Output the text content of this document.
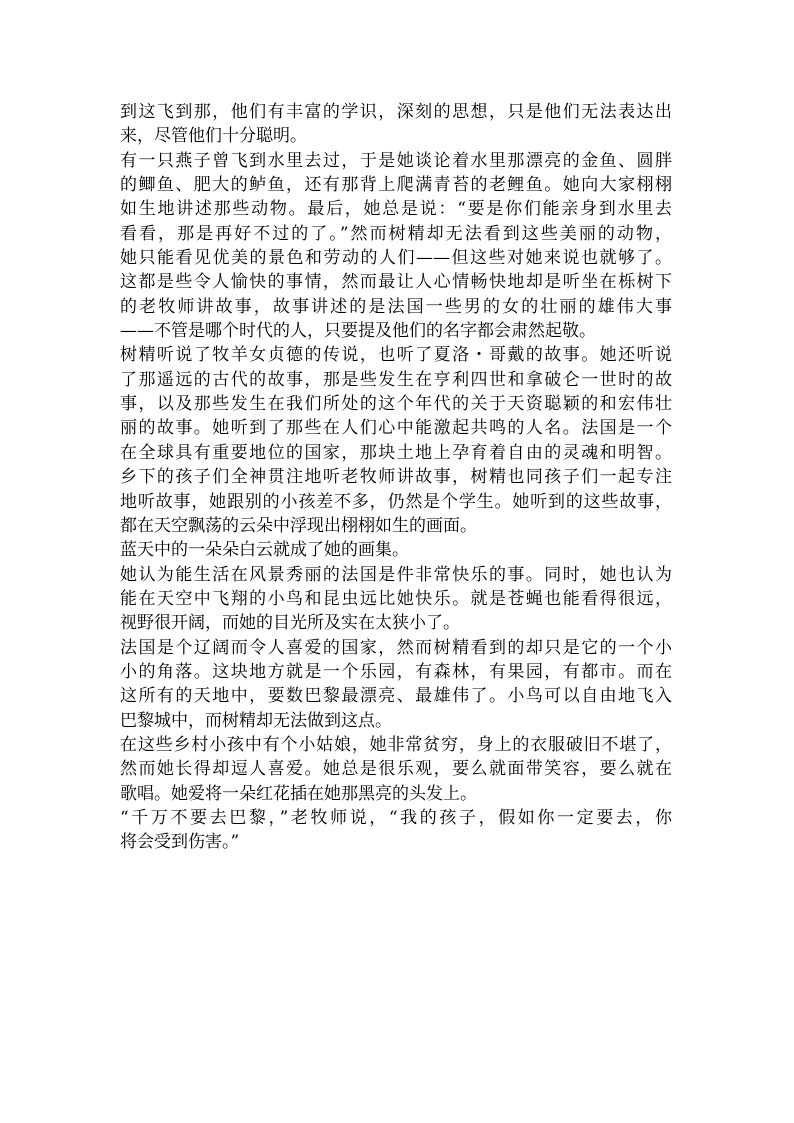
到这飞到那，他们有丰富的学识，深刻的思想，只是他们无法表达出
来，尽管他们十分聪明。
有一只燕子曾飞到水里去过，于是她谈论着水里那漂亮的金鱼、圆胖
的鲫鱼、肥大的鲈鱼，还有那背上爬满青苔的老鲤鱼。她向大家栩栩
如生地讲述那些动物。最后，她总是说：“要是你们能亲身到水里去
看看，那是再好不过的了。”然而树精却无法看到这些美丽的动物，
她只能看见优美的景色和劳动的人们——但这些对她来说也就够了。
这都是些令人愉快的事情，然而最让人心情畅快地却是听坐在栎树下
的老牧师讲故事，故事讲述的是法国一些男的女的壮丽的雄伟大事
——不管是哪个时代的人，只要提及他们的名字都会肃然起敬。
树精听说了牧羊女贞德的传说，也听了夏洛・哥戴的故事。她还听说
了那遥远的古代的故事，那是些发生在亨利四世和拿破仑一世时的故
事，以及那些发生在我们所处的这个年代的关于天资聪颖的和宏伟壮
丽的故事。她听到了那些在人们心中能激起共鸣的人名。法国是一个
在全球具有重要地位的国家，那块土地上孕育着自由的灵魂和明智。
乡下的孩子们全神贯注地听老牧师讲故事，树精也同孩子们一起专注
地听故事，她跟别的小孩差不多，仍然是个学生。她听到的这些故事，
都在天空飘荡的云朵中浮现出栩栩如生的画面。
蓝天中的一朵朵白云就成了她的画集。
她认为能生活在风景秀丽的法国是件非常快乐的事。同时，她也认为
能在天空中飞翔的小鸟和昆虫远比她快乐。就是苍蝇也能看得很远，
视野很开阔，而她的目光所及实在太狭小了。
法国是个辽阔而令人喜爱的国家，然而树精看到的却只是它的一个小
小的角落。这块地方就是一个乐园，有森林，有果园，有都市。而在
这所有的天地中，要数巴黎最漂亮、最雄伟了。小鸟可以自由地飞入
巴黎城中，而树精却无法做到这点。
在这些乡村小孩中有个小姑娘，她非常贫穷，身上的衣服破旧不堪了，
然而她长得却逗人喜爱。她总是很乐观，要么就面带笑容，要么就在
歌唱。她爱将一朵红花插在她那黑亮的头发上。
“千万不要去巴黎，”老牧师说，“我的孩子，假如你一定要去，你
将会受到伤害。”
